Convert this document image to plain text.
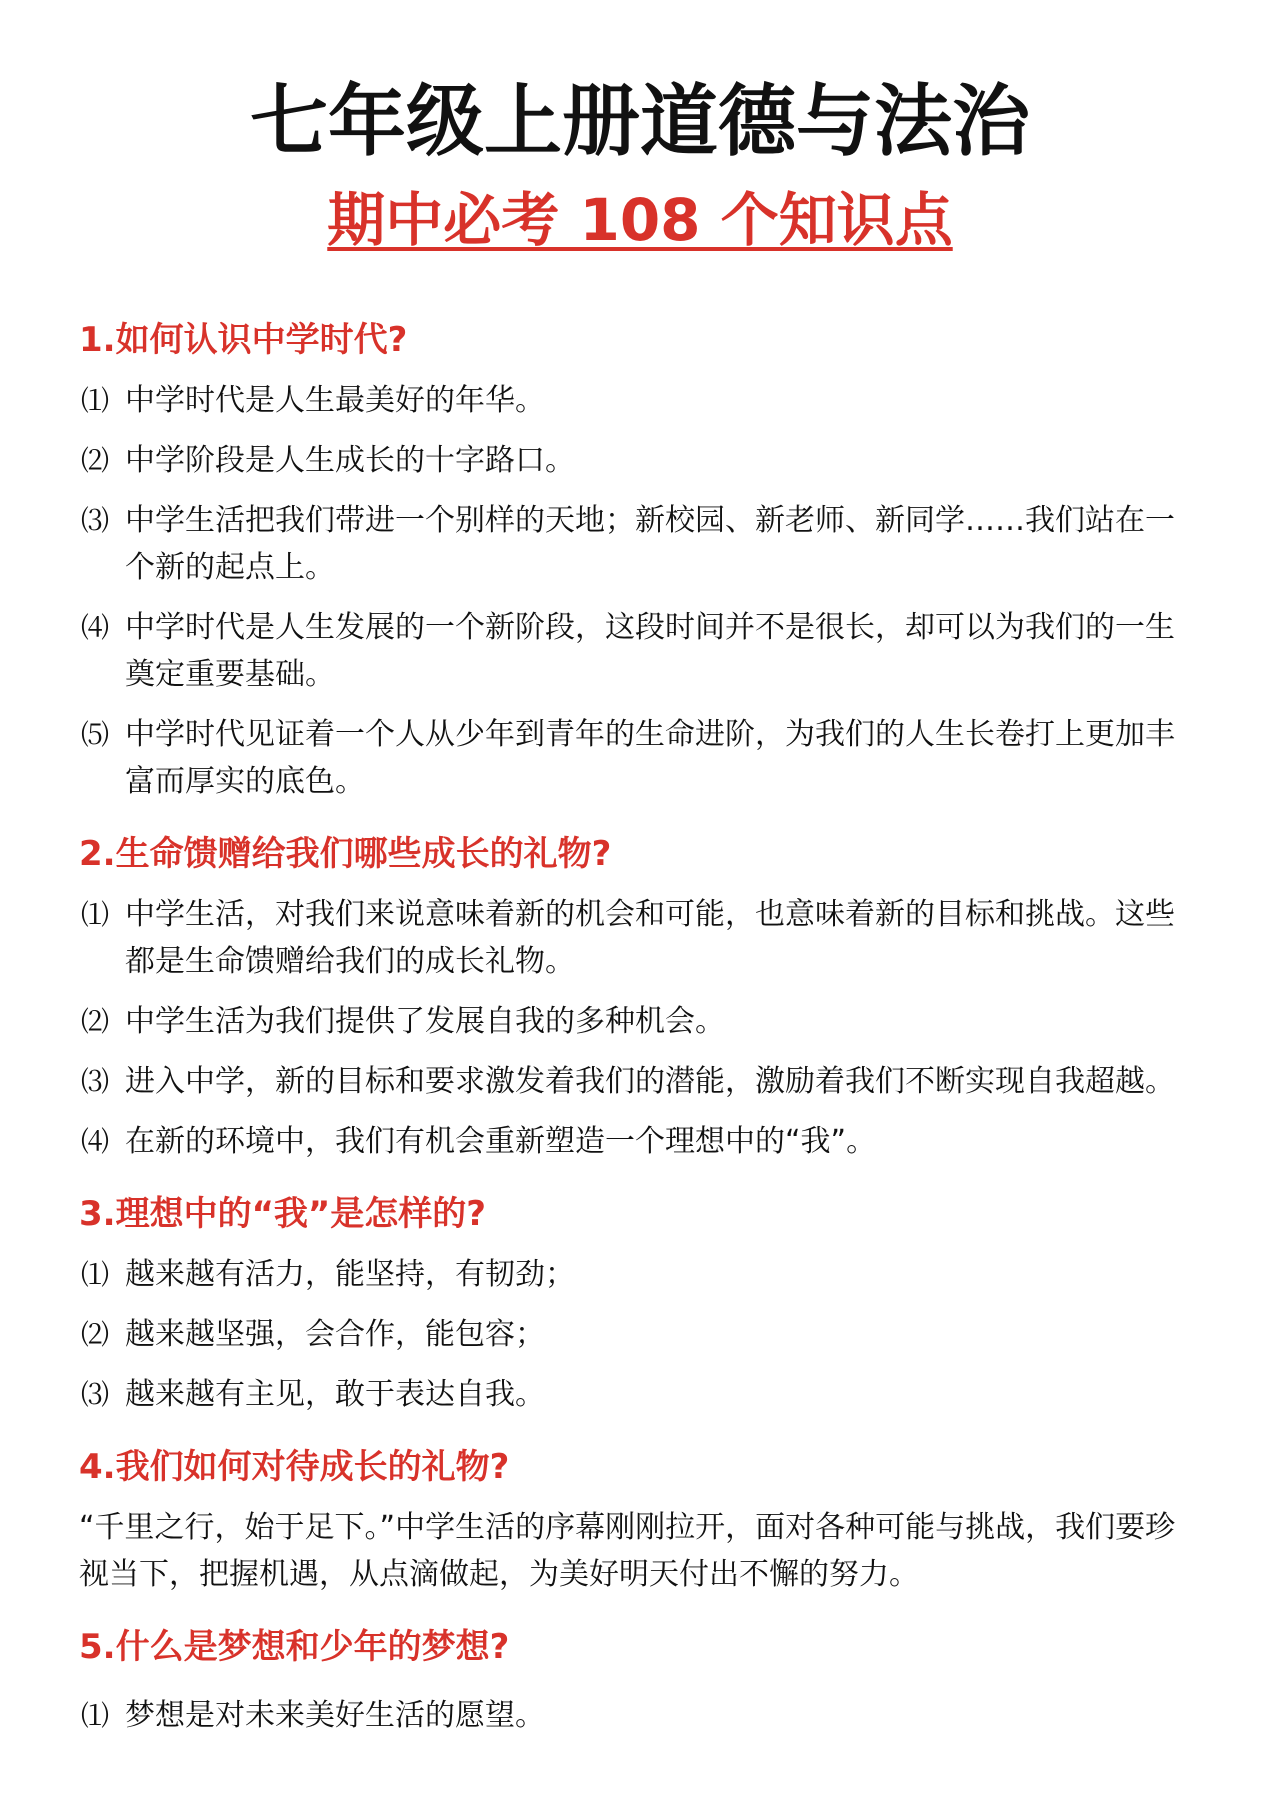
七年级上册道德与法治
期中必考 108 个知识点
1.如何认识中学时代?
⑴ 中学时代是人生最美好的年华。
⑵ 中学阶段是人生成长的十字路口。
⑶ 中学生活把我们带进一个别样的天地；新校园、新老师、新同学……我们站在一个新的起点上。
⑷ 中学时代是人生发展的一个新阶段，这段时间并不是很长，却可以为我们的一生奠定重要基础。
⑸ 中学时代见证着一个人从少年到青年的生命进阶，为我们的人生长卷打上更加丰富而厚实的底色。
2.生命馈赠给我们哪些成长的礼物?
⑴ 中学生活，对我们来说意味着新的机会和可能，也意味着新的目标和挑战。这些都是生命馈赠给我们的成长礼物。
⑵ 中学生活为我们提供了发展自我的多种机会。
⑶ 进入中学，新的目标和要求激发着我们的潜能，激励着我们不断实现自我超越。
⑷ 在新的环境中，我们有机会重新塑造一个理想中的“我”。
3.理想中的“我”是怎样的?
⑴ 越来越有活力，能坚持，有韧劲；
⑵ 越来越坚强，会合作，能包容；
⑶ 越来越有主见，敢于表达自我。
4.我们如何对待成长的礼物?

“千里之行，始于足下。”中学生活的序幕刚刚拉开，面对各种可能与挑战，我们要珍视当下，把握机遇，从点滴做起，为美好明天付出不懈的努力。

5.什么是梦想和少年的梦想?
⑴ 梦想是对未来美好生活的愿望。
